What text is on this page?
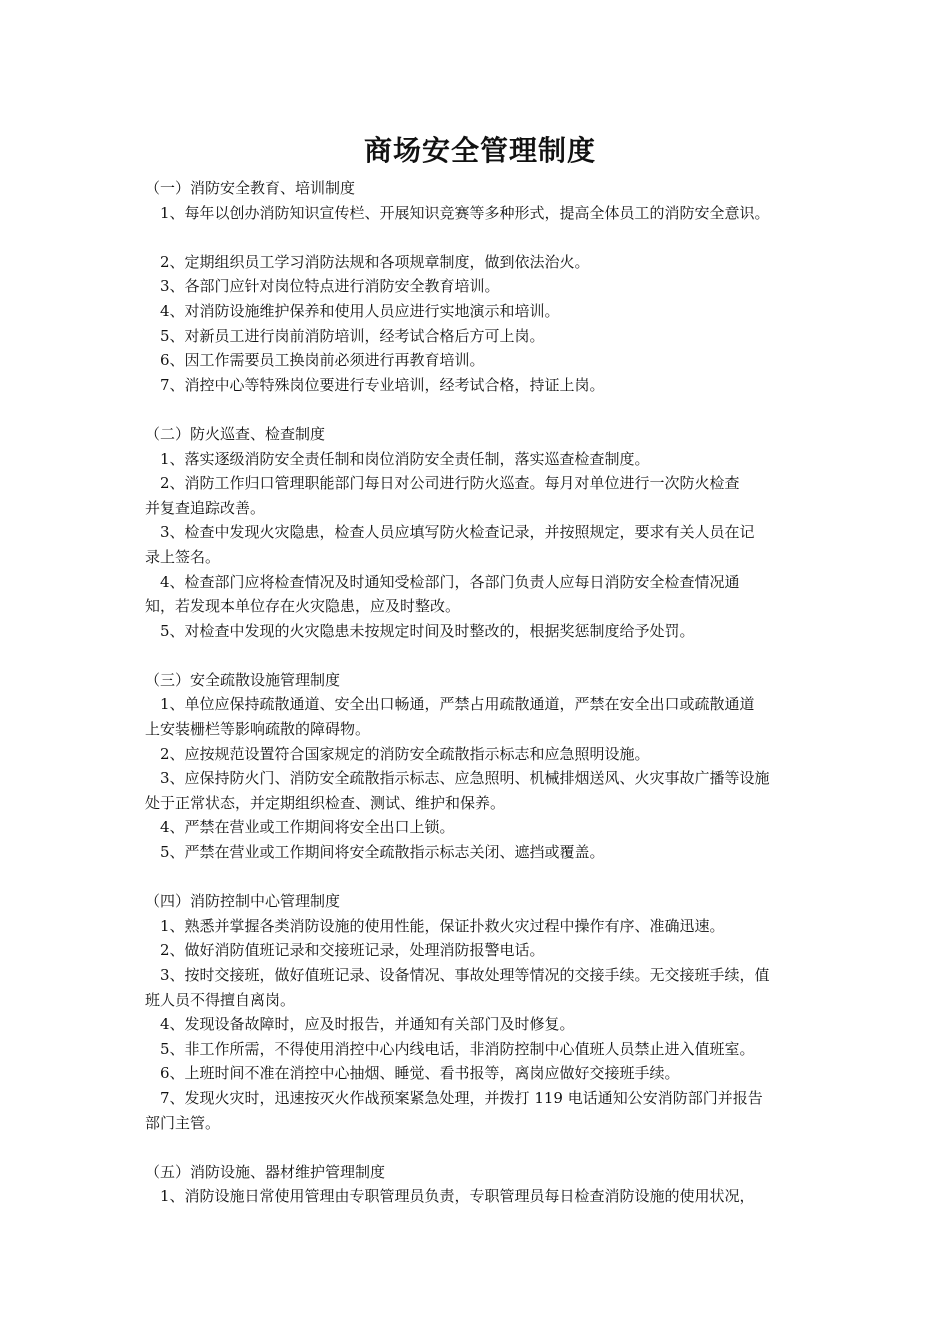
商场安全管理制度
（一）消防安全教育、培训制度
1、每年以创办消防知识宣传栏、开展知识竞赛等多种形式，提高全体员工的消防安全意识。
2、定期组织员工学习消防法规和各项规章制度，做到依法治火。
3、各部门应针对岗位特点进行消防安全教育培训。
4、对消防设施维护保养和使用人员应进行实地演示和培训。
5、对新员工进行岗前消防培训，经考试合格后方可上岗。
6、因工作需要员工换岗前必须进行再教育培训。
7、消控中心等特殊岗位要进行专业培训，经考试合格，持证上岗。
（二）防火巡查、检查制度
1、落实逐级消防安全责任制和岗位消防安全责任制，落实巡查检查制度。
2、消防工作归口管理职能部门每日对公司进行防火巡查。每月对单位进行一次防火检查
并复查追踪改善。
3、检查中发现火灾隐患，检查人员应填写防火检查记录，并按照规定，要求有关人员在记
录上签名。
4、检查部门应将检查情况及时通知受检部门，各部门负责人应每日消防安全检查情况通
知，若发现本单位存在火灾隐患，应及时整改。
5、对检查中发现的火灾隐患未按规定时间及时整改的，根据奖惩制度给予处罚。
（三）安全疏散设施管理制度
1、单位应保持疏散通道、安全出口畅通，严禁占用疏散通道，严禁在安全出口或疏散通道
上安装栅栏等影响疏散的障碍物。
2、应按规范设置符合国家规定的消防安全疏散指示标志和应急照明设施。
3、应保持防火门、消防安全疏散指示标志、应急照明、机械排烟送风、火灾事故广播等设施
处于正常状态，并定期组织检查、测试、维护和保养。
4、严禁在营业或工作期间将安全出口上锁。
5、严禁在营业或工作期间将安全疏散指示标志关闭、遮挡或覆盖。
（四）消防控制中心管理制度
1、熟悉并掌握各类消防设施的使用性能，保证扑救火灾过程中操作有序、准确迅速。
2、做好消防值班记录和交接班记录，处理消防报警电话。
3、按时交接班，做好值班记录、设备情况、事故处理等情况的交接手续。无交接班手续，值
班人员不得擅自离岗。
4、发现设备故障时，应及时报告，并通知有关部门及时修复。
5、非工作所需，不得使用消控中心内线电话，非消防控制中心值班人员禁止进入值班室。
6、上班时间不准在消控中心抽烟、睡觉、看书报等，离岗应做好交接班手续。
7、发现火灾时，迅速按灭火作战预案紧急处理，并拨打 119 电话通知公安消防部门并报告
部门主管。
（五）消防设施、器材维护管理制度
1、消防设施日常使用管理由专职管理员负责，专职管理员每日检查消防设施的使用状况，
